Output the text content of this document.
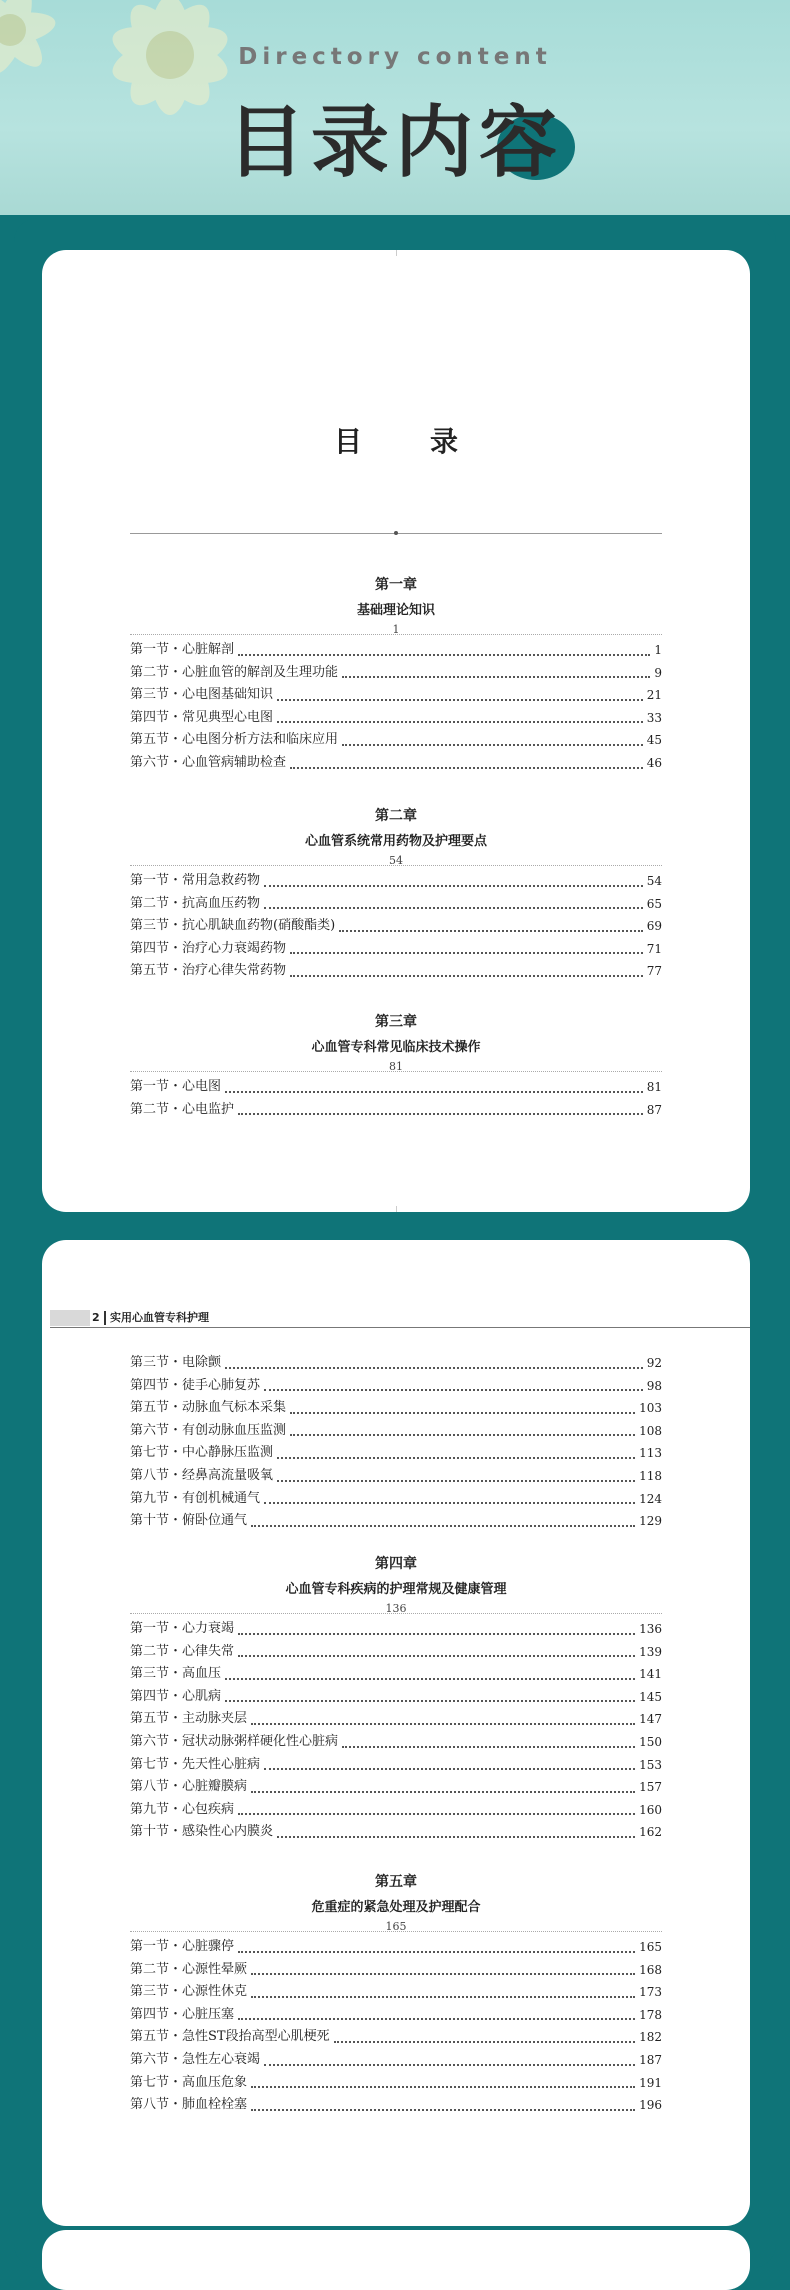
Directory content
目录内容
目　录
第一章
基础理论知识
1
第一节 ・ 心脏解剖	1
第二节 ・ 心脏血管的解剖及生理功能	9
第三节 ・ 心电图基础知识	21
第四节 ・ 常见典型心电图	33
第五节 ・ 心电图分析方法和临床应用	45
第六节 ・ 心血管病辅助检查	46
第二章
心血管系统常用药物及护理要点
54
第一节 ・ 常用急救药物	54
第二节 ・ 抗高血压药物	65
第三节 ・ 抗心肌缺血药物(硝酸酯类)	69
第四节 ・ 治疗心力衰竭药物	71
第五节 ・ 治疗心律失常药物	77
第三章
心血管专科常见临床技术操作
81
第一节 ・ 心电图	81
第二节 ・ 心电监护	87
2 实用心血管专科护理
第三节 ・ 电除颤	92
第四节 ・ 徒手心肺复苏	98
第五节 ・ 动脉血气标本采集	103
第六节 ・ 有创动脉血压监测	108
第七节 ・ 中心静脉压监测	113
第八节 ・ 经鼻高流量吸氧	118
第九节 ・ 有创机械通气	124
第十节 ・ 俯卧位通气	129
第四章
心血管专科疾病的护理常规及健康管理
136
第一节 ・ 心力衰竭	136
第二节 ・ 心律失常	139
第三节 ・ 高血压	141
第四节 ・ 心肌病	145
第五节 ・ 主动脉夹层	147
第六节 ・ 冠状动脉粥样硬化性心脏病	150
第七节 ・ 先天性心脏病	153
第八节 ・ 心脏瓣膜病	157
第九节 ・ 心包疾病	160
第十节 ・ 感染性心内膜炎	162
第五章
危重症的紧急处理及护理配合
165
第一节 ・ 心脏骤停	165
第二节 ・ 心源性晕厥	168
第三节 ・ 心源性休克	173
第四节 ・ 心脏压塞	178
第五节 ・ 急性ST段抬高型心肌梗死	182
第六节 ・ 急性左心衰竭	187
第七节 ・ 高血压危象	191
第八节 ・ 肺血栓栓塞	196
